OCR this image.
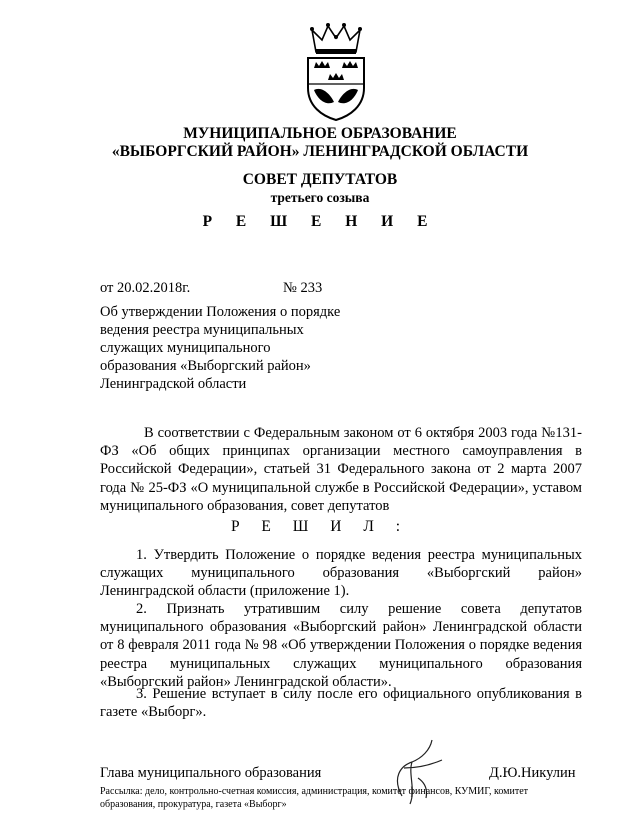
МУНИЦИПАЛЬНОЕ ОБРАЗОВАНИЕ
«ВЫБОРГСКИЙ РАЙОН» ЛЕНИНГРАДСКОЙ ОБЛАСТИ
СОВЕТ ДЕПУТАТОВ
третьего созыва
Р Е Ш Е Н И Е
от 20.02.2018г.	№ 233
Об утверждении Положения о порядке
ведения реестра муниципальных
служащих муниципального
образования «Выборгский район»
Ленинградской области
В соответствии с Федеральным законом от 6 октября 2003 года №131-ФЗ «Об общих принципах организации местного самоуправления в Российской Федерации», статьей 31 Федерального закона от 2 марта 2007 года № 25-ФЗ «О муниципальной службе в Российской Федерации», уставом муниципального образования, совет депутатов
Р Е Ш И Л :
1. Утвердить Положение о порядке ведения реестра муниципальных служащих муниципального образования «Выборгский район» Ленинградской области (приложение 1).
2. Признать утратившим силу решение совета депутатов муниципального образования «Выборгский район» Ленинградской области от 8 февраля 2011 года № 98 «Об утверждении Положения о порядке ведения реестра муниципальных служащих муниципального образования «Выборгский район» Ленинградской области».
3. Решение вступает в силу после его официального опубликования в газете «Выборг».
Глава муниципального образования	Д.Ю.Никулин
Рассылка: дело, контрольно-счетная комиссия, администрация, комитет финансов, КУМИГ, комитет образования, прокуратура, газета «Выборг»
